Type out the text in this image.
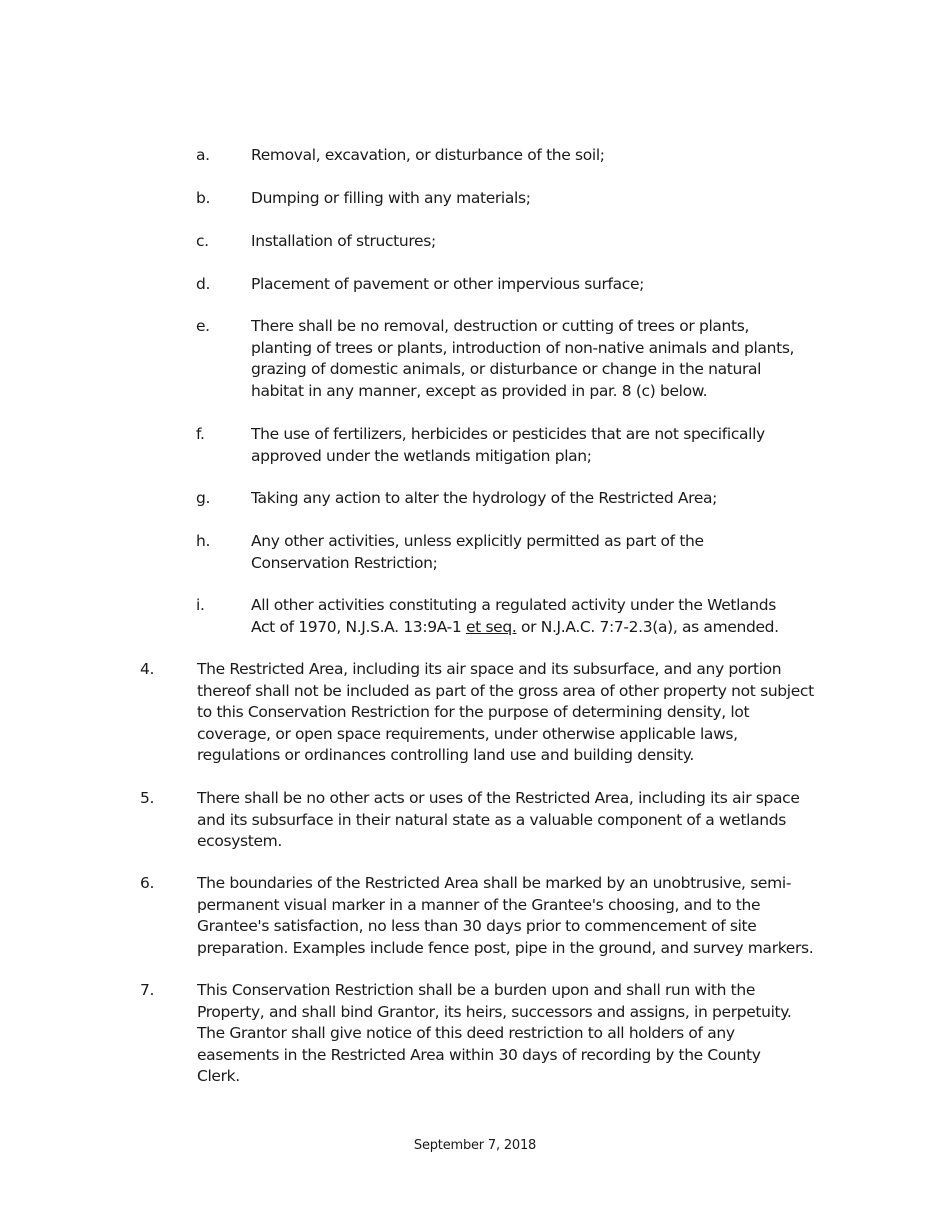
a.	Removal, excavation, or disturbance of the soil;
b.	Dumping or filling with any materials;
c.	Installation of structures;
d.	Placement of pavement or other impervious surface;
e.	There shall be no removal, destruction or cutting of trees or plants,
planting of trees or plants, introduction of non-native animals and plants,
grazing of domestic animals, or disturbance or change in the natural
habitat in any manner, except as provided in par. 8 (c) below.
f.	The use of fertilizers, herbicides or pesticides that are not specifically
approved under the wetlands mitigation plan;
g.	Taking any action to alter the hydrology of the Restricted Area;
h.	Any other activities, unless explicitly permitted as part of the
Conservation Restriction;
i.	All other activities constituting a regulated activity under the Wetlands
Act of 1970, N.J.S.A. 13:9A-1 et seq. or N.J.A.C. 7:7-2.3(a), as amended.
4.	The Restricted Area, including its air space and its subsurface, and any portion
thereof shall not be included as part of the gross area of other property not subject
to this Conservation Restriction for the purpose of determining density, lot
coverage, or open space requirements, under otherwise applicable laws,
regulations or ordinances controlling land use and building density.
5.	There shall be no other acts or uses of the Restricted Area, including its air space
and its subsurface in their natural state as a valuable component of a wetlands
ecosystem.
6.	The boundaries of the Restricted Area shall be marked by an unobtrusive, semi-
permanent visual marker in a manner of the Grantee's choosing, and to the
Grantee's satisfaction, no less than 30 days prior to commencement of site
preparation. Examples include fence post, pipe in the ground, and survey markers.
7.	This Conservation Restriction shall be a burden upon and shall run with the
Property, and shall bind Grantor, its heirs, successors and assigns, in perpetuity.
The Grantor shall give notice of this deed restriction to all holders of any
easements in the Restricted Area within 30 days of recording by the County
Clerk.
September 7, 2018
